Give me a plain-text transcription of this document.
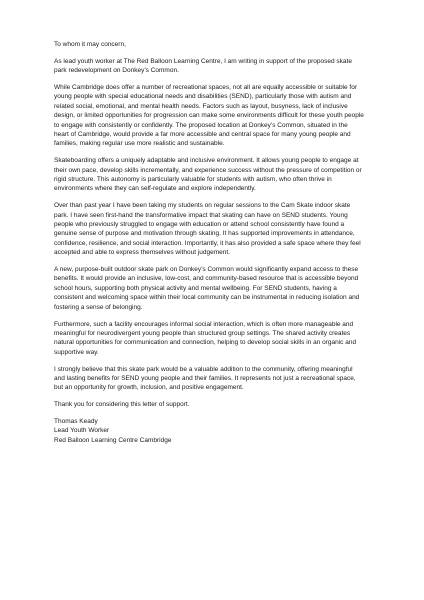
To whom it may concern,

As lead youth worker at The Red Balloon Learning Centre, I am writing in support of the proposed skate park redevelopment on Donkey’s Common.

While Cambridge does offer a number of recreational spaces, not all are equally accessible or suitable for young people with special educational needs and disabilities (SEND), particularly those with autism and related social, emotional, and mental health needs. Factors such as layout, busyness, lack of inclusive design, or limited opportunities for progression can make some environments difficult for these youth people to engage with consistently or confidently. The proposed location at Donkey’s Common, situated in the heart of Cambridge, would provide a far more accessible and central space for many young people and families, making regular use more realistic and sustainable.

Skateboarding offers a uniquely adaptable and inclusive environment. It allows young people to engage at their own pace, develop skills incrementally, and experience success without the pressure of competition or rigid structure. This autonomy is particularly valuable for students with autism, who often thrive in environments where they can self-regulate and explore independently.

Over than past year I have been taking my students on regular sessions to the Cam Skate indoor skate park. I have seen first-hand the transformative impact that skating can have on SEND students. Young people who previously struggled to engage with education or attend school consistently have found a genuine sense of purpose and motivation through skating. It has supported improvements in attendance, confidence, resilience, and social interaction. Importantly, it has also provided a safe space where they feel accepted and able to express themselves without judgement.

A new, purpose-built outdoor skate park on Donkey’s Common would significantly expand access to these benefits. It would provide an inclusive, low-cost, and community-based resource that is accessible beyond school hours, supporting both physical activity and mental wellbeing. For SEND students, having a consistent and welcoming space within their local community can be instrumental in reducing isolation and fostering a sense of belonging.

Furthermore, such a facility encourages informal social interaction, which is often more manageable and meaningful for neurodivergent young people than structured group settings. The shared activity creates natural opportunities for communication and connection, helping to develop social skills in an organic and supportive way.

I strongly believe that this skate park would be a valuable addition to the community, offering meaningful and lasting benefits for SEND young people and their families. It represents not just a recreational space, but an opportunity for growth, inclusion, and positive engagement.

Thank you for considering this letter of support.

Thomas Keady
Lead Youth Worker
Red Balloon Learning Centre Cambridge
